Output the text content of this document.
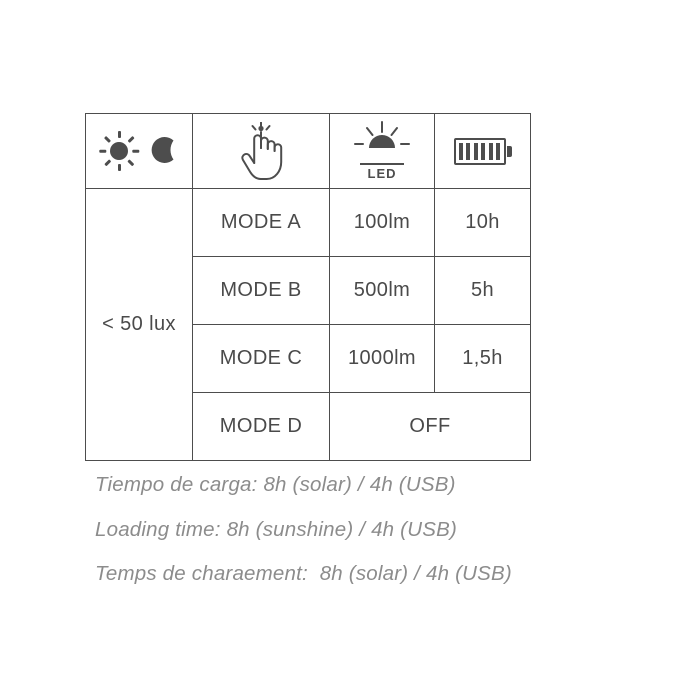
LED	

< 50 lux	MODE A	100lm	10h
	MODE B	500lm	5h
	MODE C	1000lm	1,5h
	MODE D	OFF	

Tiempo de carga: 8h (solar) / 4h (USB)

Loading time: 8h (sunshine) / 4h (USB)

Temps de charaement:  8h (solar) / 4h (USB)
